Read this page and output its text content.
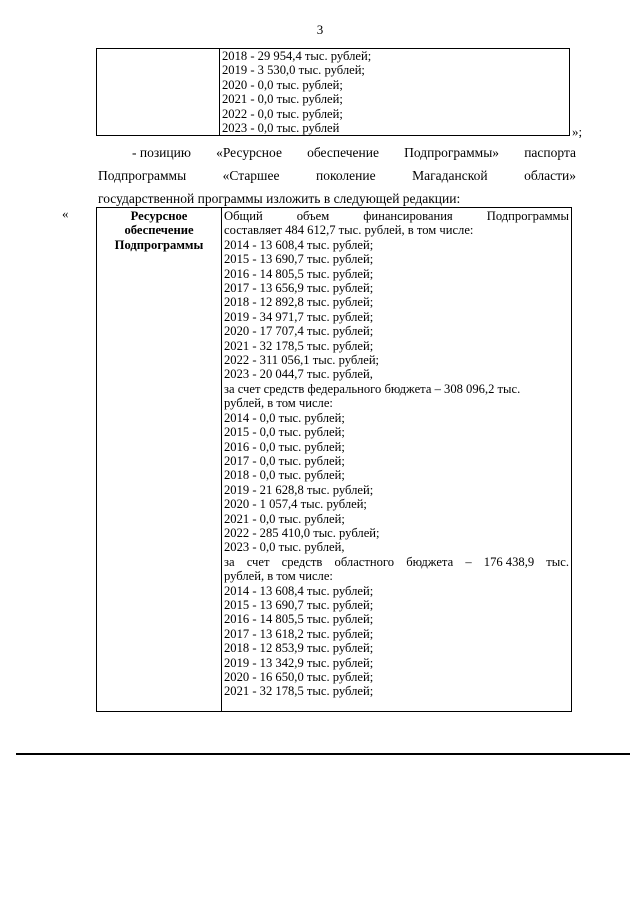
3

2018 - 29 954,4 тыс. рублей;
2019 - 3 530,0 тыс. рублей;
2020 - 0,0 тыс. рублей;
2021 - 0,0 тыс. рублей;
2022 - 0,0 тыс. рублей;
2023 - 0,0 тыс. рублей	»;
- позицию «Ресурсное обеспечение Подпрограммы» паспорта
Подпрограммы	«Старшее	поколение	Магаданской	области»
государственной программы изложить в следующей редакции:
«	Ресурсное
обеспечение
Подпрограммы

Общий	объем	финансирования	Подпрограммы
составляет 484 612,7 тыс. рублей, в том числе:
2014 - 13 608,4 тыс. рублей;
2015 - 13 690,7 тыс. рублей;
2016 - 14 805,5 тыс. рублей;
2017 - 13 656,9 тыс. рублей;
2018 - 12 892,8 тыс. рублей;
2019 - 34 971,7 тыс. рублей;
2020 - 17 707,4 тыс. рублей;
2021 - 32 178,5 тыс. рублей;
2022 - 311 056,1 тыс. рублей;
2023 - 20 044,7 тыс. рублей,
за счет средств федерального бюджета – 308 096,2 тыс.
рублей, в том числе:
2014 - 0,0 тыс. рублей;
2015 - 0,0 тыс. рублей;
2016 - 0,0 тыс. рублей;
2017 - 0,0 тыс. рублей;
2018 - 0,0 тыс. рублей;
2019 - 21 628,8 тыс. рублей;
2020 - 1 057,4 тыс. рублей;
2021 - 0,0 тыс. рублей;
2022 - 285 410,0 тыс. рублей;
2023 - 0,0 тыс. рублей,
за счет средств областного бюджета – 176 438,9 тыс.
рублей, в том числе:
2014 - 13 608,4 тыс. рублей;
2015 - 13 690,7 тыс. рублей;
2016 - 14 805,5 тыс. рублей;
2017 - 13 618,2 тыс. рублей;
2018 - 12 853,9 тыс. рублей;
2019 - 13 342,9 тыс. рублей;
2020 - 16 650,0 тыс. рублей;
2021 - 32 178,5 тыс. рублей;
